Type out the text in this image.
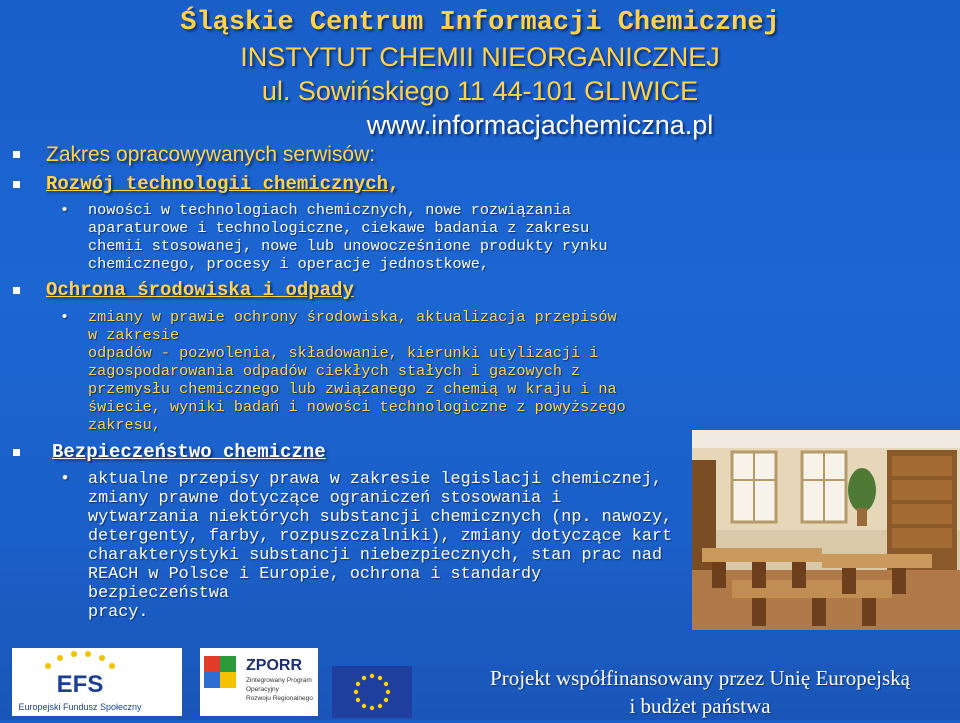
Śląskie Centrum Informacji Chemicznej
INSTYTUT CHEMII NIEORGANICZNEJ
ul. Sowińskiego 11 44-101 GLIWICE
www.informacjachemiczna.pl
Zakres opracowywanych serwisów:
Rozwój technologii chemicznych,
• nowości w technologiach chemicznych, nowe rozwiązania
aparaturowe i technologiczne, ciekawe badania z zakresu
chemii stosowanej, nowe lub unowocześnione produkty rynku
chemicznego, procesy i operacje jednostkowe,
Ochrona środowiska i odpady
• zmiany w prawie ochrony środowiska, aktualizacja przepisów
w zakresie
odpadów - pozwolenia, składowanie, kierunki utylizacji i
zagospodarowania odpadów ciekłych stałych i gazowych z
przemysłu chemicznego lub związanego z chemią w kraju i na
świecie, wyniki badań i nowości technologiczne z powyższego
zakresu,
Bezpieczeństwo chemiczne
• aktualne przepisy prawa w zakresie legislacji chemicznej,
zmiany prawne dotyczące ograniczeń stosowania i
wytwarzania niektórych substancji chemicznych (np. nawozy,
detergenty, farby, rozpuszczalniki), zmiany dotyczące kart
charakterystyki substancji niebezpiecznych, stan prac nad
REACH w Polsce i Europie, ochrona i standardy bezpieczeństwa
pracy.
EFS
Europejski Fundusz Społeczny
ZPORR
Zintegrowany Program
Operacyjny
Rozwoju Regionalnego
Projekt współfinansowany przez Unię Europejską
i budżet państwa
